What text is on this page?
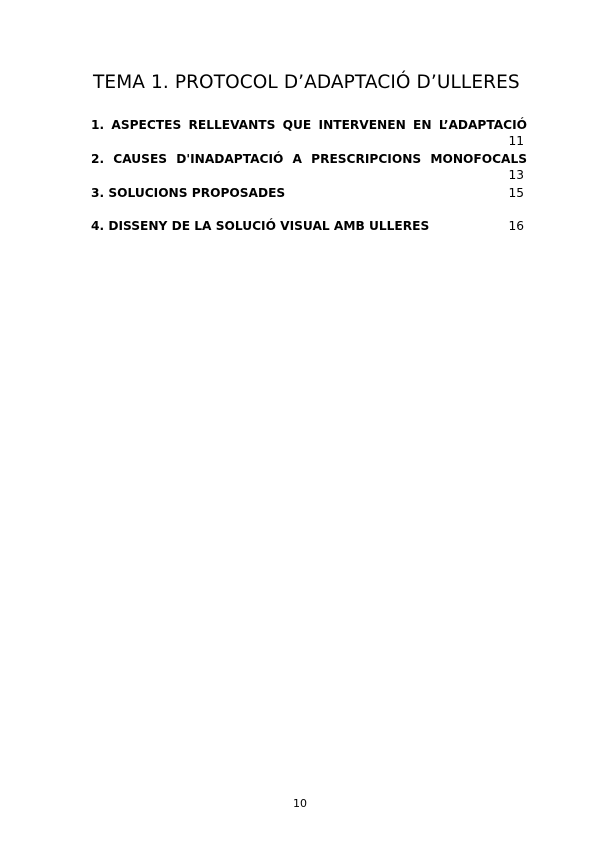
TEMA 1. PROTOCOL D’ADAPTACIÓ D’ULLERES
1. ASPECTES RELLEVANTS QUE INTERVENEN EN L’ADAPTACIÓ
11
2. CAUSES D'INADAPTACIÓ A PRESCRIPCIONS MONOFOCALS
13
3. SOLUCIONS PROPOSADES	15
4. DISSENY DE LA SOLUCIÓ VISUAL AMB ULLERES	16
10
